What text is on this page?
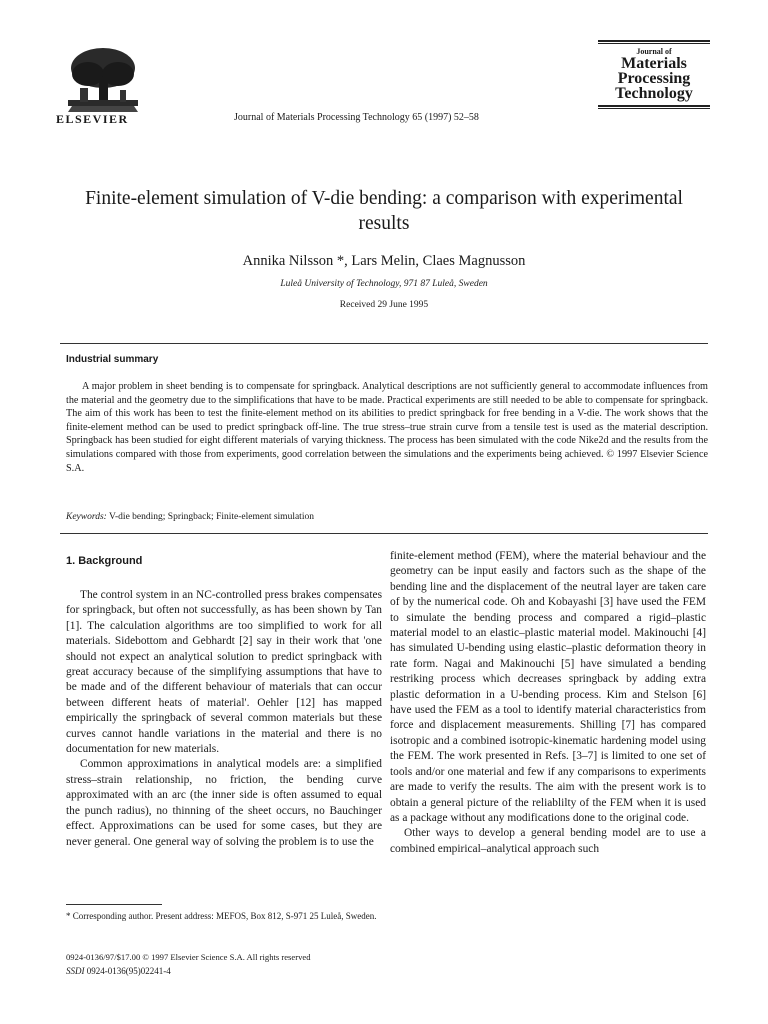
ELSEVIER	Journal of Materials Processing Technology 65 (1997) 52–58
Journal of
Materials
Processing
Technology
Finite-element simulation of V-die bending: a comparison with experimental results
Annika Nilsson *, Lars Melin, Claes Magnusson
Luleå University of Technology, 971 87 Luleå, Sweden
Received 29 June 1995
Industrial summary
A major problem in sheet bending is to compensate for springback. Analytical descriptions are not sufficiently general to accommodate influences from the material and the geometry due to the simplifications that have to be made. Practical experiments are still needed to be able to compensate for springback. The aim of this work has been to test the finite-element method on its abilities to predict springback for free bending in a V-die. The work shows that the finite-element method can be used to predict springback off-line. The true stress–true strain curve from a tensile test is used as the material description. Springback has been studied for eight different materials of varying thickness. The process has been simulated with the code Nike2d and the results from the simulations compared with those from experiments, good correlation between the simulations and the experiments being achieved. © 1997 Elsevier Science S.A.
Keywords: V-die bending; Springback; Finite-element simulation
1. Background

The control system in an NC-controlled press brakes compensates for springback, but often not successfully, as has been shown by Tan [1]. The calculation algorithms are too simplified to work for all materials. Sidebottom and Gebhardt [2] say in their work that 'one should not expect an analytical solution to predict springback with great accuracy because of the simplifying assumptions that have to be made and of the different behaviour of materials that can occur between different heats of material'. Oehler [12] has mapped empirically the springback of several common materials but these curves cannot handle variations in the material and there is no documentation for new materials.

Common approximations in analytical models are: a simplified stress–strain relationship, no friction, the bending curve approximated with an arc (the inner side is often assumed to equal the punch radius), no thinning of the sheet occurs, no Bauchinger effect. Approximations can be used for some cases, but they are never general. One general way of solving the problem is to use the

finite-element method (FEM), where the material behaviour and the geometry can be input easily and factors such as the shape of the bending line and the displacement of the neutral layer are taken care of by the numerical code. Oh and Kobayashi [3] have used the FEM to simulate the bending process and compared a rigid–plastic material model to an elastic–plastic material model. Makinouchi [4] has simulated U-bending using elastic–plastic deformation theory in rate form. Nagai and Makinouchi [5] have simulated a bending restriking process which decreases springback by adding extra plastic deformation in a U-bending process. Kim and Stelson [6] have used the FEM as a tool to identify material characteristics from force and displacement measurements. Shilling [7] has compared isotropic and a combined isotropic-kinematic hardening model using the FEM. The work presented in Refs. [3–7] is limited to one set of tools and/or one material and few if any comparisons to experiments are made to verify the results. The aim with the present work is to obtain a general picture of the reliablilty of the FEM when it is used as a package without any modifications done to the original code.

Other ways to develop a general bending model are to use a combined empirical–analytical approach such

* Corresponding author. Present address: MEFOS, Box 812, S-971 25 Luleå, Sweden.
0924-0136/97/$17.00 © 1997 Elsevier Science S.A. All rights reserved
SSDI 0924-0136(95)02241-4
